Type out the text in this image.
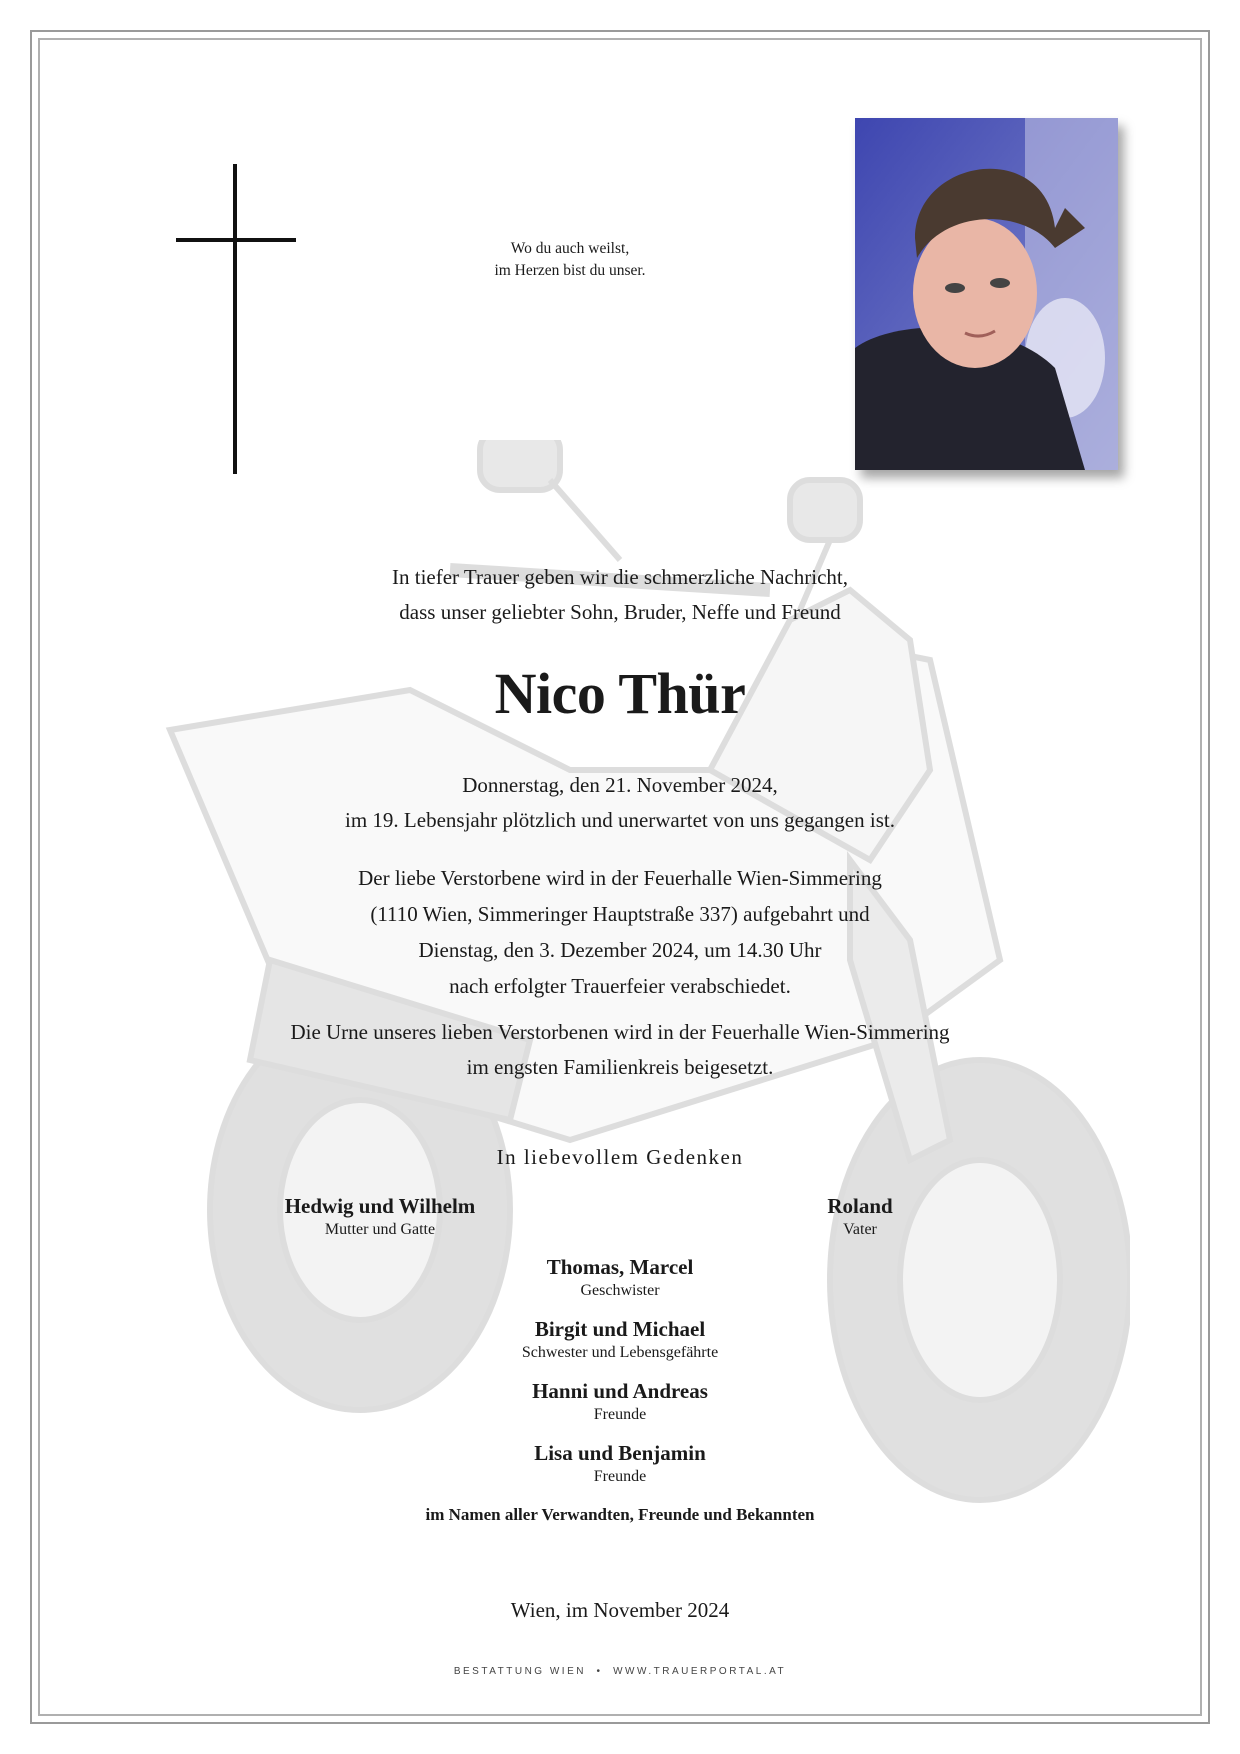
Wo du auch weilst,
im Herzen bist du unser.
In tiefer Trauer geben wir die schmerzliche Nachricht,
dass unser geliebter Sohn, Bruder, Neffe und Freund
Nico Thür
Donnerstag, den 21. November 2024,
im 19. Lebensjahr plötzlich und unerwartet von uns gegangen ist.
Der liebe Verstorbene wird in der Feuerhalle Wien-Simmering
(1110 Wien, Simmeringer Hauptstraße 337) aufgebahrt und
Dienstag, den 3. Dezember 2024, um 14.30 Uhr
nach erfolgter Trauerfeier verabschiedet.
Die Urne unseres lieben Verstorbenen wird in der Feuerhalle Wien-Simmering
im engsten Familienkreis beigesetzt.
In liebevollem Gedenken
Hedwig und Wilhelm
Mutter und Gatte
Roland
Vater
Thomas, Marcel
Geschwister
Birgit und Michael
Schwester und Lebensgefährte
Hanni und Andreas
Freunde
Lisa und Benjamin
Freunde
im Namen aller Verwandten, Freunde und Bekannten
Wien, im November 2024
BESTATTUNG WIEN  •  WWW.TRAUERPORTAL.AT
